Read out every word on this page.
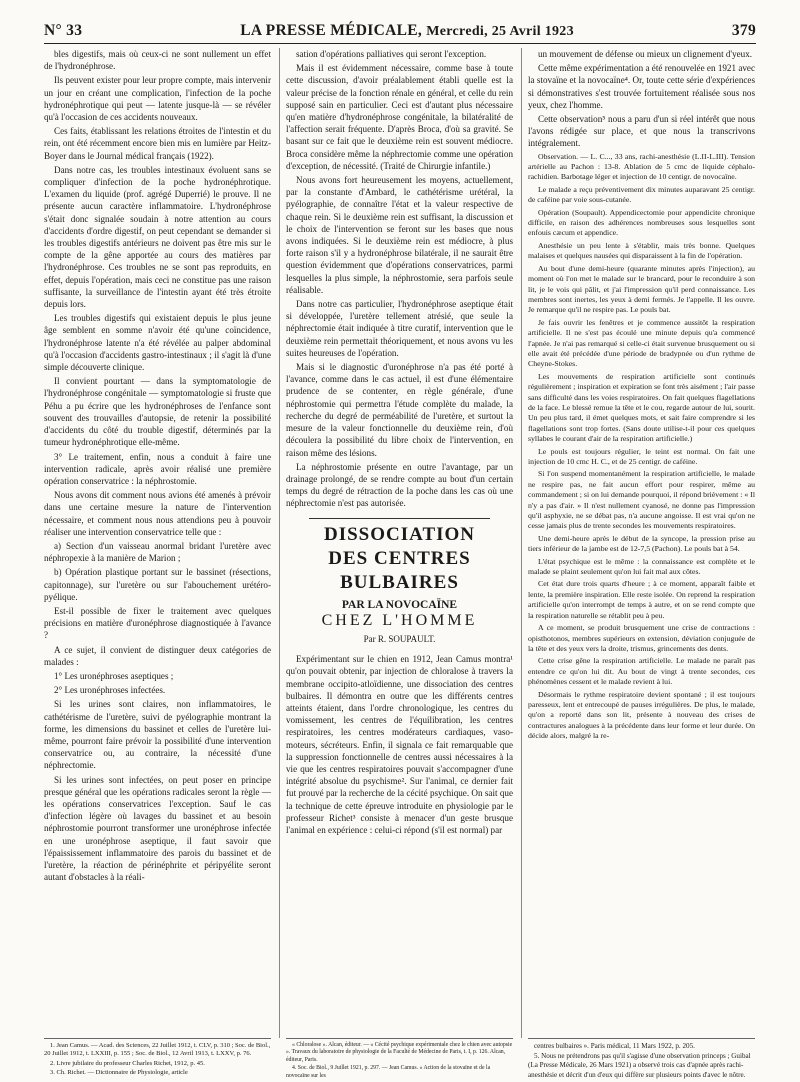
N° 33	LA PRESSE MÉDICALE, Mercredi, 25 Avril 1923	379

bles digestifs, mais où ceux-ci ne sont nullement un effet de l'hydronéphrose.

Ils peuvent exister pour leur propre compte, mais intervenir un jour en créant une complication, l'infection de la poche hydronéphrotique qui peut — latente jusque-là — se révéler qu'à l'occasion de ces accidents nouveaux.

Ces faits, établissant les relations étroites de l'intestin et du rein, ont été récemment encore bien mis en lumière par Heitz-Boyer dans le Journal médical français (1922).

Dans notre cas, les troubles intestinaux évoluent sans se compliquer d'infection de la poche hydronéphrotique. L'examen du liquide (prof. agrégé Duperrié) le prouve. Il ne présente aucun caractère inflammatoire. L'hydronéphrose s'était donc signalée soudain à notre attention au cours d'accidents d'ordre digestif, on peut cependant se demander si les troubles digestifs antérieurs ne doivent pas être mis sur le compte de la gêne apportée au cours des matières par l'hydronéphrose. Ces troubles ne se sont pas reproduits, en effet, depuis l'opération, mais ceci ne constitue pas une raison suffisante, la surveillance de l'intestin ayant été très étroite depuis lors.

Les troubles digestifs qui existaient depuis le plus jeune âge semblent en somme n'avoir été qu'une coïncidence, l'hydronéphrose latente n'a été révélée au palper abdominal qu'à l'occasion d'accidents gastro-intestinaux ; il s'agit là d'une simple découverte clinique.

Il convient pourtant — dans la symptomatologie de l'hydronéphrose congénitale — symptomatologie si fruste que Péhu a pu écrire que les hydronéphroses de l'enfance sont souvent des trouvailles d'autopsie, de retenir la possibilité d'accidents du côté du trouble digestif, déterminés par la tumeur hydronéphrotique elle-même.

3° Le traitement, enfin, nous a conduit à faire une intervention radicale, après avoir réalisé une première opération conservatrice : la néphrostomie.

Nous avons dit comment nous avions été amenés à prévoir dans une certaine mesure la nature de l'intervention nécessaire, et comment nous nous attendions peu à pouvoir réaliser une intervention conservatrice telle que :

a) Section d'un vaisseau anormal bridant l'uretère avec néphropexie à la manière de Marion ;

b) Opération plastique portant sur le bassinet (résections, capitonnage), sur l'uretère ou sur l'abouchement urétéro-pyélique.

Est-il possible de fixer le traitement avec quelques précisions en matière d'uronéphrose diagnostiquée à l'avance ?

A ce sujet, il convient de distinguer deux catégories de malades :

1° Les uronéphroses aseptiques ;

2° Les uronéphroses infectées.

Si les urines sont claires, non inflammatoires, le cathétérisme de l'uretère, suivi de pyélographie montrant la forme, les dimensions du bassinet et celles de l'uretère lui-même, pourront faire prévoir la possibilité d'une intervention conservatrice ou, au contraire, la nécessité d'une néphrectomie.

Si les urines sont infectées, on peut poser en principe presque général que les opérations radicales seront la règle — les opérations conservatrices l'exception. Sauf le cas d'infection légère où lavages du bassinet et au besoin néphrostomie pourront transformer une uronéphrose infectée en une uronéphrose aseptique, il faut savoir que l'épaississement inflammatoire des parois du bassinet et de l'uretère, la réaction de périnéphrite et péripyélite seront autant d'obstacles à la réali-

sation d'opérations palliatives qui seront l'exception.

Mais il est évidemment nécessaire, comme base à toute cette discussion, d'avoir préalablement établi quelle est la valeur précise de la fonction rénale en général, et celle du rein supposé sain en particulier. Ceci est d'autant plus nécessaire qu'en matière d'hydronéphrose congénitale, la bilatéralité de l'affection serait fréquente. D'après Broca, d'où sa gravité. Se basant sur ce fait que le deuxième rein est souvent médiocre. Broca considère même la néphrectomie comme une opération d'exception, de nécessité. (Traité de Chirurgie infantile.)

Nous avons fort heureusement les moyens, actuellement, par la constante d'Ambard, le cathétérisme urétéral, la pyélographie, de connaître l'état et la valeur respective de chaque rein. Si le deuxième rein est suffisant, la discussion et le choix de l'intervention se feront sur les bases que nous avons indiquées. Si le deuxième rein est médiocre, à plus forte raison s'il y a hydronéphrose bilatérale, il ne saurait être question évidemment que d'opérations conservatrices, parmi lesquelles la plus simple, la néphrostomie, sera parfois seule réalisable.

Dans notre cas particulier, l'hydronéphrose aseptique était si développée, l'uretère tellement atrésié, que seule la néphrectomie était indiquée à titre curatif, intervention que le deuxième rein permettait théoriquement, et nous avons vu les suites heureuses de l'opération.

Mais si le diagnostic d'uronéphrose n'a pas été porté à l'avance, comme dans le cas actuel, il est d'une élémentaire prudence de se contenter, en règle générale, d'une néphrostomie qui permettra l'étude complète du malade, la recherche du degré de perméabilité de l'uretère, et surtout la mesure de la valeur fonctionnelle du deuxième rein, d'où découlera la possibilité du libre choix de l'intervention, en raison même des lésions.

La néphrostomie présente en outre l'avantage, par un drainage prolongé, de se rendre compte au bout d'un certain temps du degré de rétraction de la poche dans les cas où une néphrectomie n'est pas autorisée.

DISSOCIATION
DES CENTRES BULBAIRES
PAR LA NOVOCAÏNE
CHEZ L'HOMME
Par R. SOUPAULT.

Expérimentant sur le chien en 1912, Jean Camus montra¹ qu'on pouvait obtenir, par injection de chloralose à travers la membrane occipito-atloïdienne, une dissociation des centres bulbaires. Il démontra en outre que les différents centres atteints étaient, dans l'ordre chronologique, les centres du vomissement, les centres de l'équilibration, les centres respiratoires, les centres modérateurs cardiaques, vaso-moteurs, sécréteurs. Enfin, il signala ce fait remarquable que la suppression fonctionnelle de centres aussi nécessaires à la vie que les centres respiratoires pouvait s'accompagner d'une intégrité absolue du psychisme². Sur l'animal, ce dernier fait fut prouvé par la recherche de la cécité psychique. On sait que la technique de cette épreuve introduite en physiologie par le professeur Richet³ consiste à menacer d'un geste brusque l'animal en expérience : celui-ci répond (s'il est normal) par

un mouvement de défense ou mieux un clignement d'yeux.

Cette même expérimentation a été renouvelée en 1921 avec la stovaïne et la novocaïne⁴. Or, toute cette série d'expériences si démonstratives s'est trouvée fortuitement réalisée sous nos yeux, chez l'homme.

Cette observation⁵ nous a paru d'un si réel intérêt que nous l'avons rédigée sur place, et que nous la transcrivons intégralement.

Observation. — L. C..., 33 ans, rachi-anesthésie (L.II-L.III). Tension artérielle au Pachon : 13-8. Ablation de 5 cmc de liquide céphalo-rachidien. Barbotage léger et injection de 10 centigr. de novocaïne.

Le malade a reçu préventivement dix minutes auparavant 25 centigr. de caféine par voie sous-cutanée.

Opération (Soupault). Appendicectomie pour appendicite chronique difficile, en raison des adhérences nombreuses sous lesquelles sont enfouis cæcum et appendice.

Anesthésie un peu lente à s'établir, mais très bonne. Quelques malaises et quelques nausées qui disparaissent à la fin de l'opération.

Au bout d'une demi-heure (quarante minutes après l'injection), au moment où l'on met le malade sur le brancard, pour le reconduire à son lit, je le vois qui pâlit, et j'ai l'impression qu'il perd connaissance. Les membres sont inertes, les yeux à demi fermés. Je l'appelle. Il les ouvre. Je remarque qu'il ne respire pas. Le pouls bat.

Je fais ouvrir les fenêtres et je commence aussitôt la respiration artificielle. Il ne s'est pas écoulé une minute depuis qu'a commencé l'apnée. Je n'ai pas remarqué si celle-ci était survenue brusquement ou si elle avait été précédée d'une période de bradypnée ou d'un rythme de Cheyne-Stokes.

Les mouvements de respiration artificielle sont continués régulièrement ; inspiration et expiration se font très aisément ; l'air passe sans difficulté dans les voies respiratoires. On fait quelques flagellations de la face. Le blessé remue la tête et le cou, regarde autour de lui, sourit. Un peu plus tard, il émet quelques mots, et sait faire comprendre si les flagellations sont trop fortes. (Sans doute utilise-t-il pour ces quelques syllabes le courant d'air de la respiration artificielle.)

Le pouls est toujours régulier, le teint est normal. On fait une injection de 10 cmc H. C., et de 25 centigr. de caféine.

Si l'on suspend momentanément la respiration artificielle, le malade ne respire pas, ne fait aucun effort pour respirer, même au commandement ; si on lui demande pourquoi, il répond brièvement : « Il n'y a pas d'air. » Il n'est nullement cyanosé, ne donne pas l'impression qu'il asphyxie, ne se débat pas, n'a aucune angoisse. Il est vrai qu'on ne cesse jamais plus de trente secondes les mouvements respiratoires.

Une demi-heure après le début de la syncope, la pression prise au tiers inférieur de la jambe est de 12-7,5 (Pachon). Le pouls bat à 54.

L'état psychique est le même : la connaissance est complète et le malade se plaint seulement qu'on lui fait mal aux côtes.

Cet état dure trois quarts d'heure ; à ce moment, apparaît faible et lente, la première inspiration. Elle reste isolée. On reprend la respiration artificielle qu'on interrompt de temps à autre, et on se rend compte que la respiration naturelle se rétablit peu à peu.

A ce moment, se produit brusquement une crise de contractions : opisthotonos, membres supérieurs en extension, déviation conjuguée de la tête et des yeux vers la droite, trismus, grincements des dents.

Cette crise gêne la respiration artificielle. Le malade ne paraît pas entendre ce qu'on lui dit. Au bout de vingt à trente secondes, ces phénomènes cessent et le malade revient à lui.

Désormais le rythme respiratoire devient spontané ; il est toujours paresseux, lent et entrecoupé de pauses irrégulières. De plus, le malade, qu'on a reporté dans son lit, présente à nouveau des crises de contractures analogues à la précédente dans leur forme et leur durée. On décide alors, malgré la re-

1. Jean Camus. — Acad. des Sciences, 22 Juillet 1912, t. CLV, p. 310 ; Soc. de Biol., 20 Juillet 1912, t. LXXIII, p. 155 ; Soc. de Biol., 12 Avril 1913, t. LXXV, p. 76.

2. Livre jubilaire du professeur Charles Richet, 1912, p. 45.

3. Ch. Richet. — Dictionnaire de Physiologie, article

« Chloralose ». Alcan, éditeur. — « Cécité psychique expérimentale chez le chien avec autopsie ». Travaux du laboratoire de physiologie de la Faculté de Médecine de Paris, t. I, p. 126. Alcan, éditeur, Paris.

4. Soc. de Biol., 9 Juillet 1921, p. 297. — Jean Camus. « Action de la stovaïne et de la novocaïne sur les

centres bulbaires ». Paris médical, 11 Mars 1922, p. 205.

5. Nous ne prétendrons pas qu'il s'agisse d'une observation princeps ; Guibal (La Presse Médicale, 26 Mars 1921) a observé trois cas d'apnée après rachi-anesthésie et décrit d'un d'eux qui diffère sur plusieurs points d'avec le nôtre.
